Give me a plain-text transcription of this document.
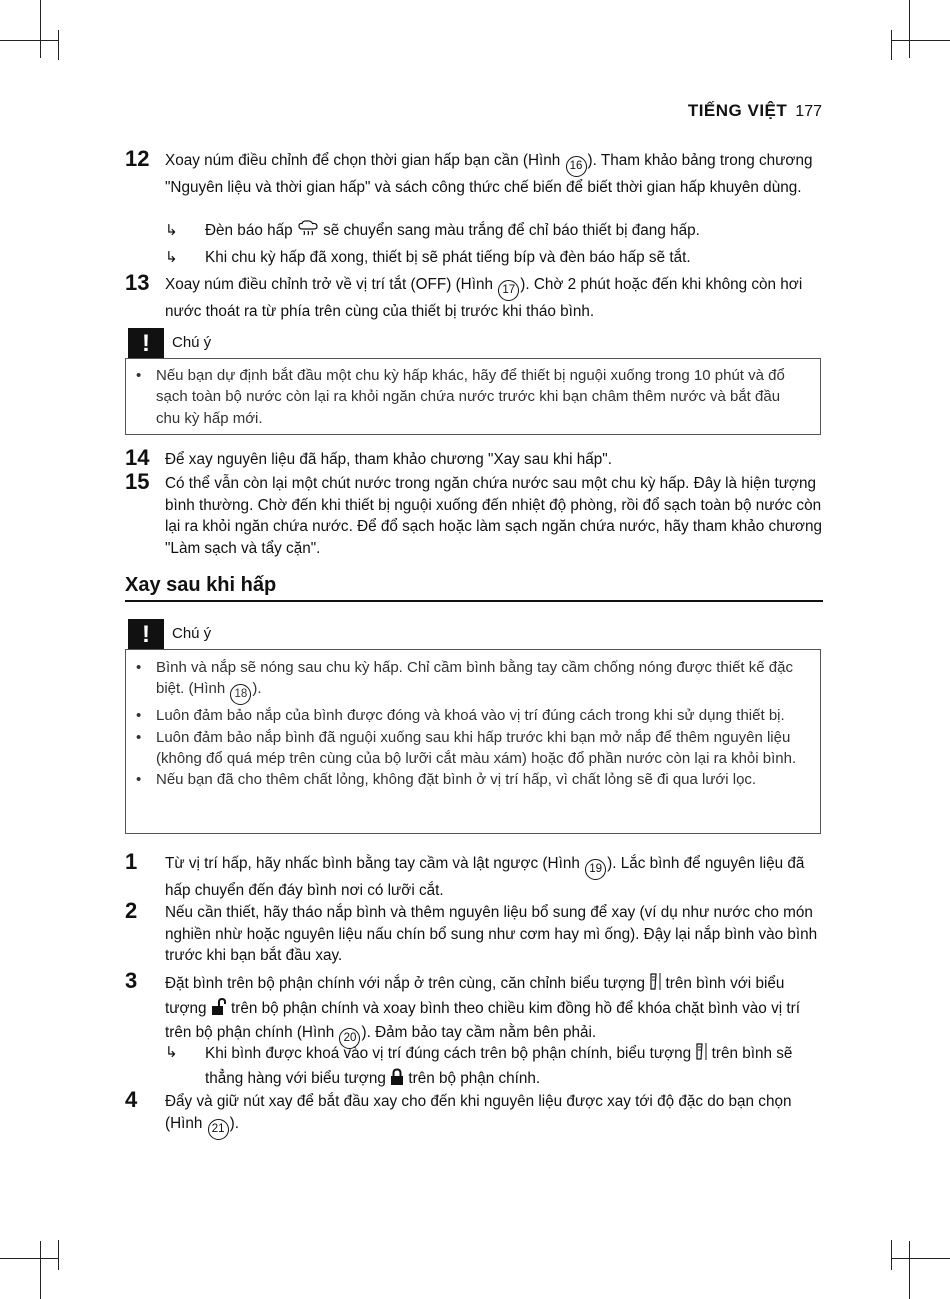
TIẾNG VIỆT 177
12	Xoay núm điều chỉnh để chọn thời gian hấp bạn cần (Hình 16 ). Tham khảo bảng trong chương "Nguyên liệu và thời gian hấp" và sách công thức chế biến để biết thời gian hấp khuyên dùng.
↳ Đèn báo hấp  sẽ chuyển sang màu trắng để chỉ báo thiết bị đang hấp.
↳ Khi chu kỳ hấp đã xong, thiết bị sẽ phát tiếng bíp và đèn báo hấp sẽ tắt.
13	Xoay núm điều chỉnh trở về vị trí tắt (OFF) (Hình 17 ). Chờ 2 phút hoặc đến khi không còn hơi nước thoát ra từ phía trên cùng của thiết bị trước khi tháo bình.
!	Chú ý
• Nếu bạn dự định bắt đầu một chu kỳ hấp khác, hãy để thiết bị nguội xuống trong 10 phút và đổ sạch toàn bộ nước còn lại ra khỏi ngăn chứa nước trước khi bạn châm thêm nước và bắt đầu chu kỳ hấp mới.
14	Để xay nguyên liệu đã hấp, tham khảo chương "Xay sau khi hấp".
15	Có thể vẫn còn lại một chút nước trong ngăn chứa nước sau một chu kỳ hấp. Đây là hiện tượng bình thường. Chờ đến khi thiết bị nguội xuống đến nhiệt độ phòng, rồi đổ sạch toàn bộ nước còn lại ra khỏi ngăn chứa nước. Để đổ sạch hoặc làm sạch ngăn chứa nước, hãy tham khảo chương "Làm sạch và tẩy cặn".
Xay sau khi hấp
!	Chú ý
• Bình và nắp sẽ nóng sau chu kỳ hấp. Chỉ cầm bình bằng tay cầm chống nóng được thiết kế đặc biệt. (Hình 18 ).
• Luôn đảm bảo nắp của bình được đóng và khoá vào vị trí đúng cách trong khi sử dụng thiết bị.
• Luôn đảm bảo nắp bình đã nguội xuống sau khi hấp trước khi bạn mở nắp để thêm nguyên liệu (không đổ quá mép trên cùng của bộ lưỡi cắt màu xám) hoặc đổ phần nước còn lại ra khỏi bình.
• Nếu bạn đã cho thêm chất lỏng, không đặt bình ở vị trí hấp, vì chất lỏng sẽ đi qua lưới lọc.
1	Từ vị trí hấp, hãy nhấc bình bằng tay cầm và lật ngược (Hình 19 ). Lắc bình để nguyên liệu đã hấp chuyển đến đáy bình nơi có lưỡi cắt.
2	Nếu cần thiết, hãy tháo nắp bình và thêm nguyên liệu bổ sung để xay (ví dụ như nước cho món nghiền nhừ hoặc nguyên liệu nấu chín bổ sung như cơm hay mì ống). Đậy lại nắp bình vào bình trước khi bạn bắt đầu xay.
3	Đặt bình trên bộ phận chính với nắp ở trên cùng, căn chỉnh biểu tượng  trên bình với biểu tượng  trên bộ phận chính và xoay bình theo chiều kim đồng hồ để khóa chặt bình vào vị trí trên bộ phận chính (Hình 20 ). Đảm bảo tay cầm nằm bên phải.
↳ Khi bình được khoá vào vị trí đúng cách trên bộ phận chính, biểu tượng  trên bình sẽ thẳng hàng với biểu tượng  trên bộ phận chính.
4	Đẩy và giữ nút xay để bắt đầu xay cho đến khi nguyên liệu được xay tới độ đặc do bạn chọn (Hình 21 ).
